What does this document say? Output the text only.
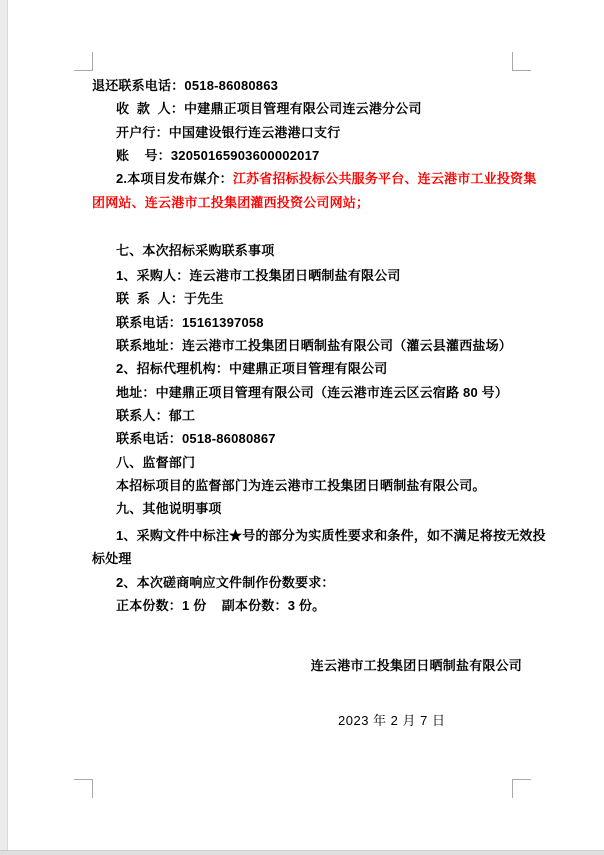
退还联系电话：0518-86080863
收  款  人：中建鼎正项目管理有限公司连云港分公司
开户行：中国建设银行连云港港口支行
账    号：32050165903600002017
2.本项目发布媒介：江苏省招标投标公共服务平台、连云港市工业投资集
团网站、连云港市工投集团灌西投资公司网站；
七、本次招标采购联系事项
1、采购人：连云港市工投集团日晒制盐有限公司
联  系  人：于先生
联系电话：15161397058
联系地址：连云港市工投集团日晒制盐有限公司（灌云县灌西盐场）
2、招标代理机构：中建鼎正项目管理有限公司
地址：中建鼎正项目管理有限公司（连云港市连云区云宿路 80 号）
联系人：郁工
联系电话：0518-86080867
八、监督部门
本招标项目的监督部门为连云港市工投集团日晒制盐有限公司。
九、其他说明事项
1、采购文件中标注★号的部分为实质性要求和条件，如不满足将按无效投
标处理
2、本次磋商响应文件制作份数要求：
正本份数：1 份    副本份数：3 份。
连云港市工投集团日晒制盐有限公司
2023 年 2 月 7 日
